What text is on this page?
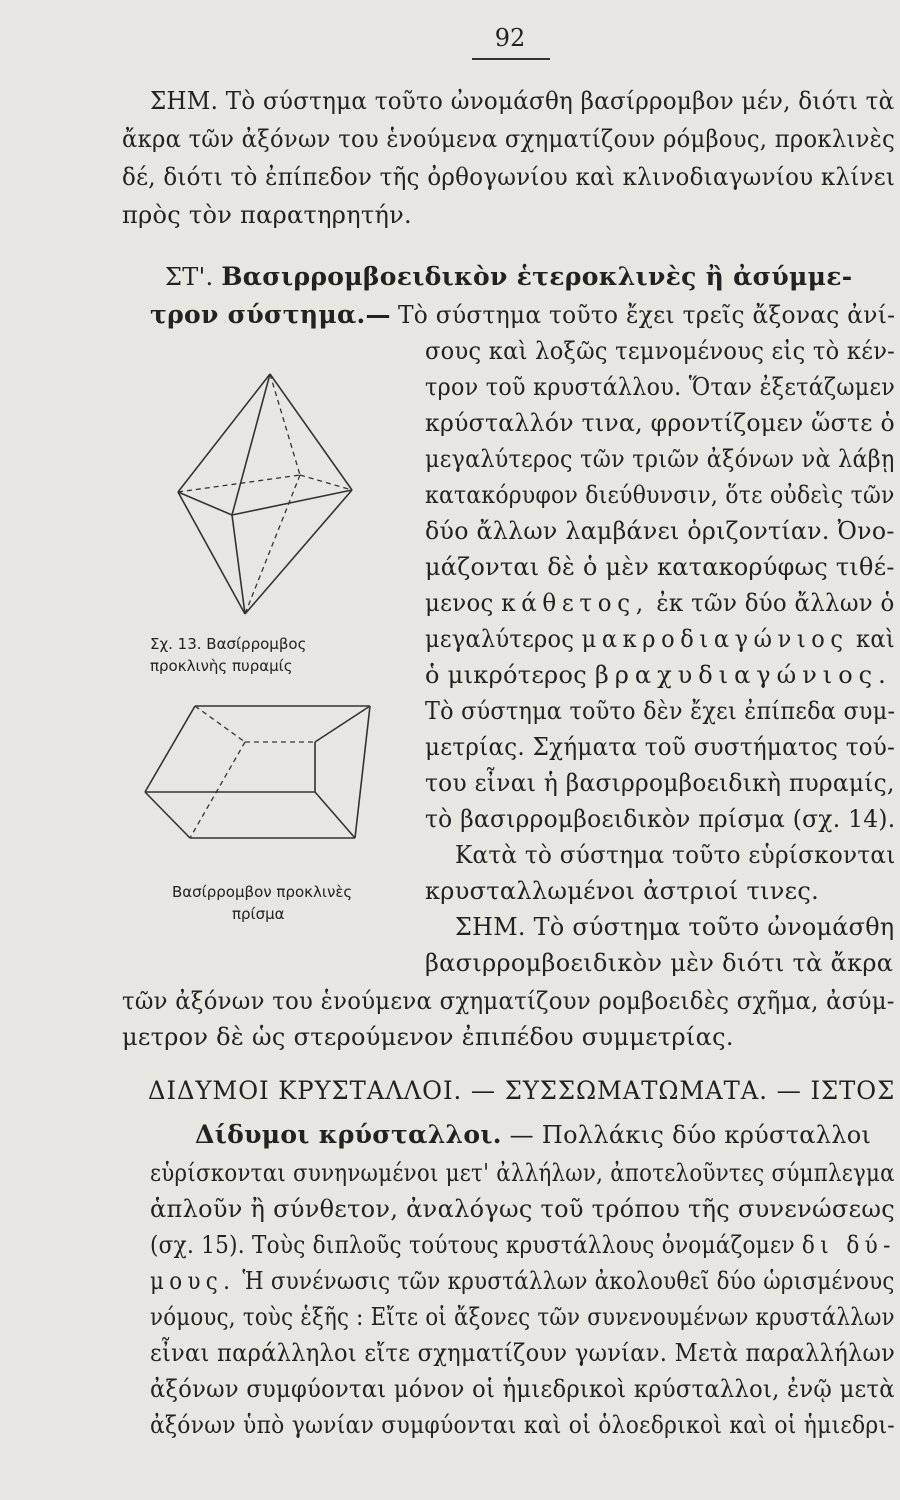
92
ΣΗΜ. Τὸ σύστημα τοῦτο ὠνομάσθη βασίρρομβον μέν, διότι τὰ
ἄκρα τῶν ἀξόνων του ἑνούμενα σχηματίζουν ρόμβους, προκλινὲς
δέ, διότι τὸ ἐπίπεδον τῆς ὀρθογωνίου καὶ κλινοδιαγωνίου κλίνει
πρὸς τὸν παρατηρητήν.
ΣΤ'. Βασιρρομβοειδικὸν ἑτεροκλινὲς ἢ ἀσύμμε-
τρον σύστημα.— Τὸ σύστημα τοῦτο ἔχει τρεῖς ἄξονας ἀνί-
σους καὶ λοξῶς τεμνομένους εἰς τὸ κέν-
τρον τοῦ κρυστάλλου. Ὅταν ἐξετάζωμεν
κρύσταλλόν τινα, φροντίζομεν ὥστε ὁ
μεγαλύτερος τῶν τριῶν ἀξόνων νὰ λάβῃ
κατακόρυφον διεύθυνσιν, ὅτε οὐδεὶς τῶν
δύο ἄλλων λαμβάνει ὁριζοντίαν. Ὀνο-
μάζονται δὲ ὁ μὲν κατακορύφως τιθέ-
μενος κάθετος, ἐκ τῶν δύο ἄλλων ὁ
μεγαλύτερος μακροδιαγώνιος καὶ
ὁ μικρότερος βραχυδιαγώνιος.
Τὸ σύστημα τοῦτο δὲν ἔχει ἐπίπεδα συμ-
μετρίας. Σχήματα τοῦ συστήματος τού-
του εἶναι ἡ βασιρρομβοειδικὴ πυραμίς,
τὸ βασιρρομβοειδικὸν πρίσμα (σχ. 14).
Κατὰ τὸ σύστημα τοῦτο εὑρίσκονται
κρυσταλλωμένοι ἀστριοί τινες.
ΣΗΜ. Τὸ σύστημα τοῦτο ὠνομάσθη
βασιρρομβοειδικὸν μὲν διότι τὰ ἄκρα
τῶν ἀξόνων του ἑνούμενα σχηματίζουν ρομβοειδὲς σχῆμα, ἀσύμ-
μετρον δὲ ὡς στερούμενον ἐπιπέδου συμμετρίας.
Σχ. 13. Βασίρρομβος
προκλινὴς πυραμίς
Βασίρρομβον προκλινὲς
πρίσμα
ΔΙΔΥΜΟΙ ΚΡΥΣΤΑΛΛΟΙ. — ΣΥΣΣΩΜΑΤΩΜΑΤΑ. — ΙΣΤΟΣ
Δίδυμοι κρύσταλλοι. — Πολλάκις δύο κρύσταλλοι
εὑρίσκονται συνηνωμένοι μετ' ἀλλήλων, ἀποτελοῦντες σύμπλεγμα
ἁπλοῦν ἢ σύνθετον, ἀναλόγως τοῦ τρόπου τῆς συνενώσεως
(σχ. 15). Τοὺς διπλοῦς τούτους κρυστάλλους ὀνομάζομεν δι δύ-
μους. Ἡ συνένωσις τῶν κρυστάλλων ἀκολουθεῖ δύο ὡρισμένους
νόμους, τοὺς ἑξῆς : Εἴτε οἱ ἄξονες τῶν συνενουμένων κρυστάλλων
εἶναι παράλληλοι εἴτε σχηματίζουν γωνίαν. Μετὰ παραλλήλων
ἀξόνων συμφύονται μόνον οἱ ἡμιεδρικοὶ κρύσταλλοι, ἐνῷ μετὰ
ἀξόνων ὑπὸ γωνίαν συμφύονται καὶ οἱ ὁλοεδρικοὶ καὶ οἱ ἡμιεδρι-
